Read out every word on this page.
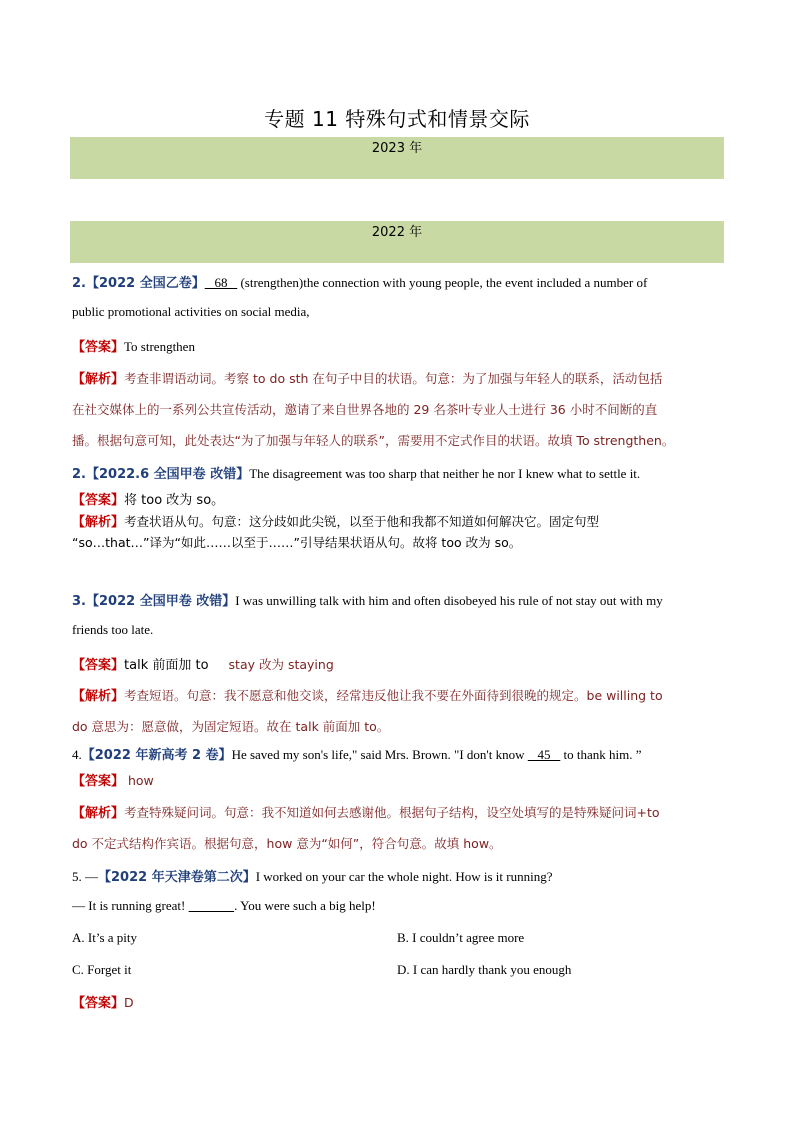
专题 11 特殊句式和情景交际
2023 年
2022 年
2.【2022 全国乙卷】   68    (strengthen)the connection with young people, the event included a number of
public promotional activities on social media,
【答案】To strengthen
【解析】考查非谓语动词。考察 to do sth 在句子中目的状语。句意：为了加强与年轻人的联系，活动包括
在社交媒体上的一系列公共宣传活动，邀请了来自世界各地的 29 名茶叶专业人士进行 36 小时不间断的直
播。根据句意可知，此处表达“为了加强与年轻人的联系”，需要用不定式作目的状语。故填 To strengthen。
2.【2022.6 全国甲卷 改错】The disagreement was too sharp that neither he nor I knew what to settle it.
【答案】将 too 改为 so。
【解析】考查状语从句。句意：这分歧如此尖锐，以至于他和我都不知道如何解决它。固定句型
“so…that…”译为“如此……以至于……”引导结果状语从句。故将 too 改为 so。
3.【2022 全国甲卷 改错】I was unwilling talk with him and often disobeyed his rule of not stay out with my
friends too late.
【答案】talk 前面加 to stay 改为 staying
【解析】考查短语。句意：我不愿意和他交谈，经常违反他让我不要在外面待到很晚的规定。be willing to
do 意思为：愿意做，为固定短语。故在 talk 前面加 to。
4.【2022 年新高考 2 卷】He saved my son's life," said Mrs. Brown. "I don't know    45    to thank him. ”
【答案】 how
【解析】考查特殊疑问词。句意：我不知道如何去感谢他。根据句子结构，设空处填写的是特殊疑问词+to
do 不定式结构作宾语。根据句意，how 意为“如何”，符合句意。故填 how。
5. —【2022 年天津卷第二次】I worked on your car the whole night. How is it running?
— It is running great!	. You were such a big help!
A. It’s a pity	B. I couldn’t agree more
C. Forget it	D. I can hardly thank you enough
【答案】D
